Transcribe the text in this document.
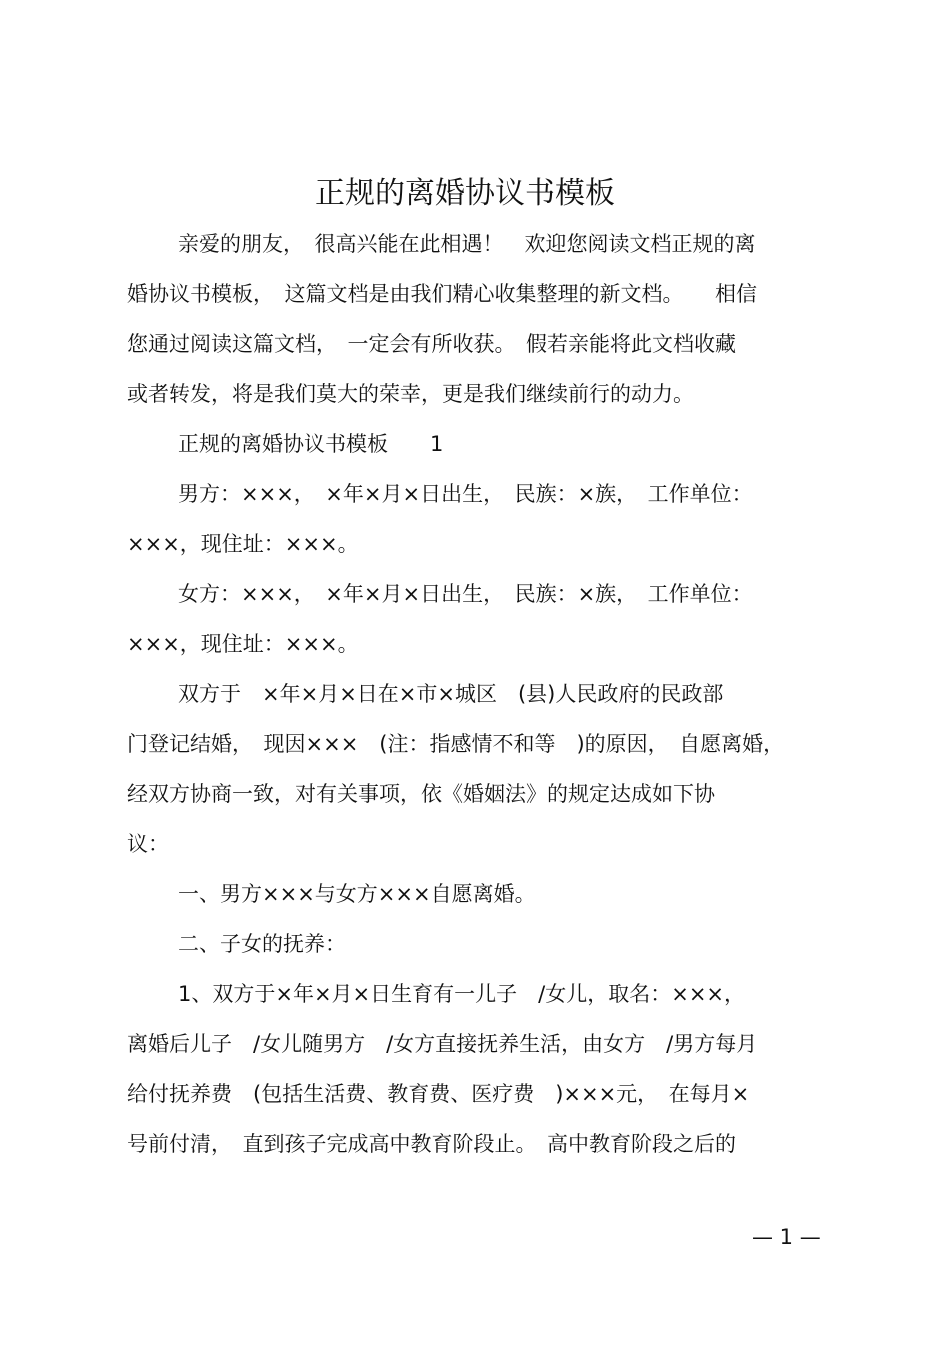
正规的离婚协议书模板

亲爱的朋友，　很高兴能在此相遇！　欢迎您阅读文档正规的离

婚协议书模板，　这篇文档是由我们精心收集整理的新文档。　　相信

您通过阅读这篇文档，　一定会有所收获。　假若亲能将此文档收藏

或者转发，将是我们莫大的荣幸，更是我们继续前行的动力。

正规的离婚协议书模板　　1

男方：×××，　×年×月×日出生，　民族：×族，　工作单位：

×××，现住址：×××。

女方：×××，　×年×月×日出生，　民族：×族，　工作单位：

×××，现住址：×××。

双方于　×年×月×日在×市×城区　(县)人民政府的民政部

门登记结婚，　现因×××　(注：指感情不和等　)的原因，　自愿离婚，

经双方协商一致，对有关事项，依《婚姻法》的规定达成如下协

议：

一、男方×××与女方×××自愿离婚。

二、子女的抚养：

1、双方于×年×月×日生育有一儿子　/女儿，取名：×××，

离婚后儿子　/女儿随男方　/女方直接抚养生活，由女方　/男方每月

给付抚养费　(包括生活费、教育费、医疗费　)×××元，　在每月×

号前付清，　直到孩子完成高中教育阶段止。　高中教育阶段之后的

— 1 —
